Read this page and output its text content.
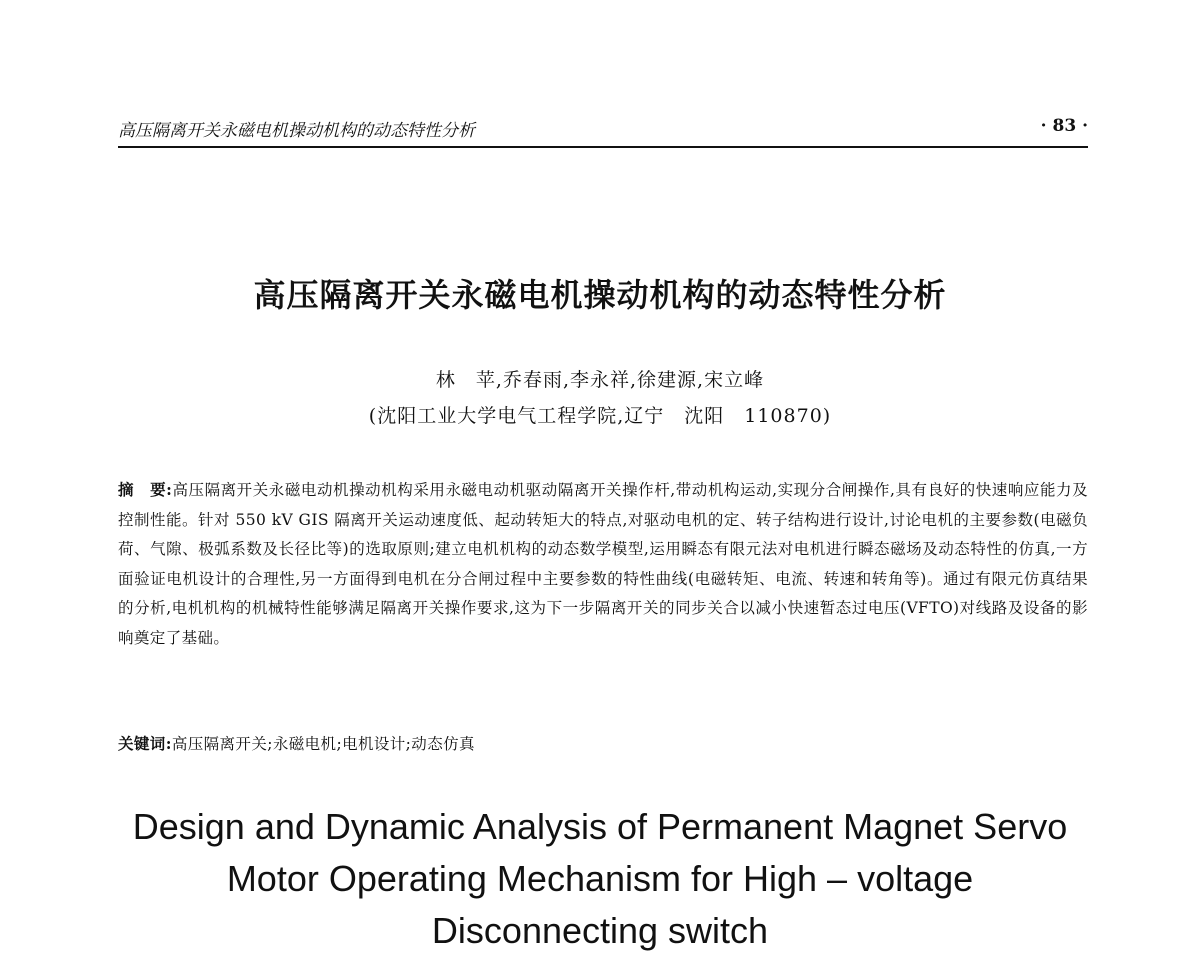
高压隔离开关永磁电机操动机构的动态特性分析	· 83 ·
高压隔离开关永磁电机操动机构的动态特性分析
林　苹,乔春雨,李永祥,徐建源,宋立峰
(沈阳工业大学电气工程学院,辽宁　沈阳　110870)
摘　要:高压隔离开关永磁电动机操动机构采用永磁电动机驱动隔离开关操作杆,带动机构运动,实现分合闸操作,具有良好的快速响应能力及控制性能。针对 550 kV GIS 隔离开关运动速度低、起动转矩大的特点,对驱动电机的定、转子结构进行设计,讨论电机的主要参数(电磁负荷、气隙、极弧系数及长径比等)的选取原则;建立电机机构的动态数学模型,运用瞬态有限元法对电机进行瞬态磁场及动态特性的仿真,一方面验证电机设计的合理性,另一方面得到电机在分合闸过程中主要参数的特性曲线(电磁转矩、电流、转速和转角等)。通过有限元仿真结果的分析,电机机构的机械特性能够满足隔离开关操作要求,这为下一步隔离开关的同步关合以减小快速暂态过电压(VFTO)对线路及设备的影响奠定了基础。
关键词:高压隔离开关;永磁电机;电机设计;动态仿真
Design and Dynamic Analysis of Permanent Magnet Servo Motor Operating Mechanism for High – voltage Disconnecting switch
